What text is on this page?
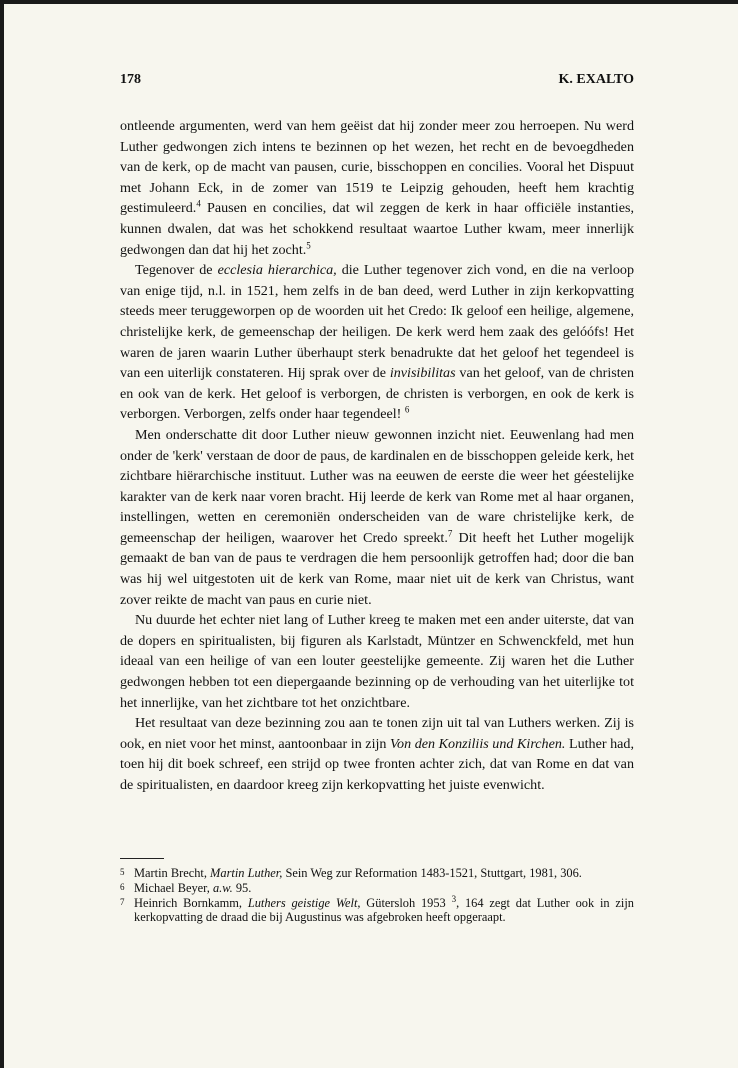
178	K. EXALTO

ontleende argumenten, werd van hem geëist dat hij zonder meer zou herroepen. Nu werd Luther gedwongen zich intens te bezinnen op het wezen, het recht en de bevoegdheden van de kerk, op de macht van pausen, curie, bisschoppen en concilies. Vooral het Dispuut met Johann Eck, in de zomer van 1519 te Leipzig gehouden, heeft hem krachtig gestimuleerd.$^4$ Pausen en concilies, dat wil zeggen de kerk in haar officiële instanties, kunnen dwalen, dat was het schokkend resultaat waartoe Luther kwam, meer innerlijk gedwongen dan dat hij het zocht.$^5$

Tegenover de ecclesia hierarchica, die Luther tegenover zich vond, en die na verloop van enige tijd, n.l. in 1521, hem zelfs in de ban deed, werd Luther in zijn kerkopvatting steeds meer teruggeworpen op de woorden uit het Credo: Ik geloof een heilige, algemene, christelijke kerk, de gemeenschap der heiligen. De kerk werd hem zaak des gelóófs! Het waren de jaren waarin Luther überhaupt sterk benadrukte dat het geloof het tegendeel is van een uiterlijk constateren. Hij sprak over de invisibilitas van het geloof, van de christen en ook van de kerk. Het geloof is verborgen, de christen is verborgen, en ook de kerk is verborgen. Verborgen, zelfs onder haar tegendeel! $^6$

Men onderschatte dit door Luther nieuw gewonnen inzicht niet. Eeuwenlang had men onder de 'kerk' verstaan de door de paus, de kardinalen en de bisschoppen geleide kerk, het zichtbare hiërarchische instituut. Luther was na eeuwen de eerste die weer het géestelijke karakter van de kerk naar voren bracht. Hij leerde de kerk van Rome met al haar organen, instellingen, wetten en ceremoniën onderscheiden van de ware christelijke kerk, de gemeenschap der heiligen, waarover het Credo spreekt.$^7$ Dit heeft het Luther mogelijk gemaakt de ban van de paus te verdragen die hem persoonlijk getroffen had; door die ban was hij wel uitgestoten uit de kerk van Rome, maar niet uit de kerk van Christus, want zover reikte de macht van paus en curie niet.

Nu duurde het echter niet lang of Luther kreeg te maken met een ander uiterste, dat van de dopers en spiritualisten, bij figuren als Karlstadt, Müntzer en Schwenckfeld, met hun ideaal van een heilige of van een louter geestelijke gemeente. Zij waren het die Luther gedwongen hebben tot een diepergaande bezinning op de verhouding van het uiterlijke tot het innerlijke, van het zichtbare tot het onzichtbare.

Het resultaat van deze bezinning zou aan te tonen zijn uit tal van Luthers werken. Zij is ook, en niet voor het minst, aantoonbaar in zijn Von den Konziliis und Kirchen. Luther had, toen hij dit boek schreef, een strijd op twee fronten achter zich, dat van Rome en dat van de spiritualisten, en daardoor kreeg zijn kerkopvatting het juiste evenwicht.

5 Martin Brecht, Martin Luther, Sein Weg zur Reformation 1483-1521, Stuttgart, 1981, 306.
6 Michael Beyer, a.w. 95.
7 Heinrich Bornkamm, Luthers geistige Welt, Gütersloh 1953 $^3$, 164 zegt dat Luther ook in zijn kerkopvatting de draad die bij Augustinus was afgebroken heeft opgeraapt.
